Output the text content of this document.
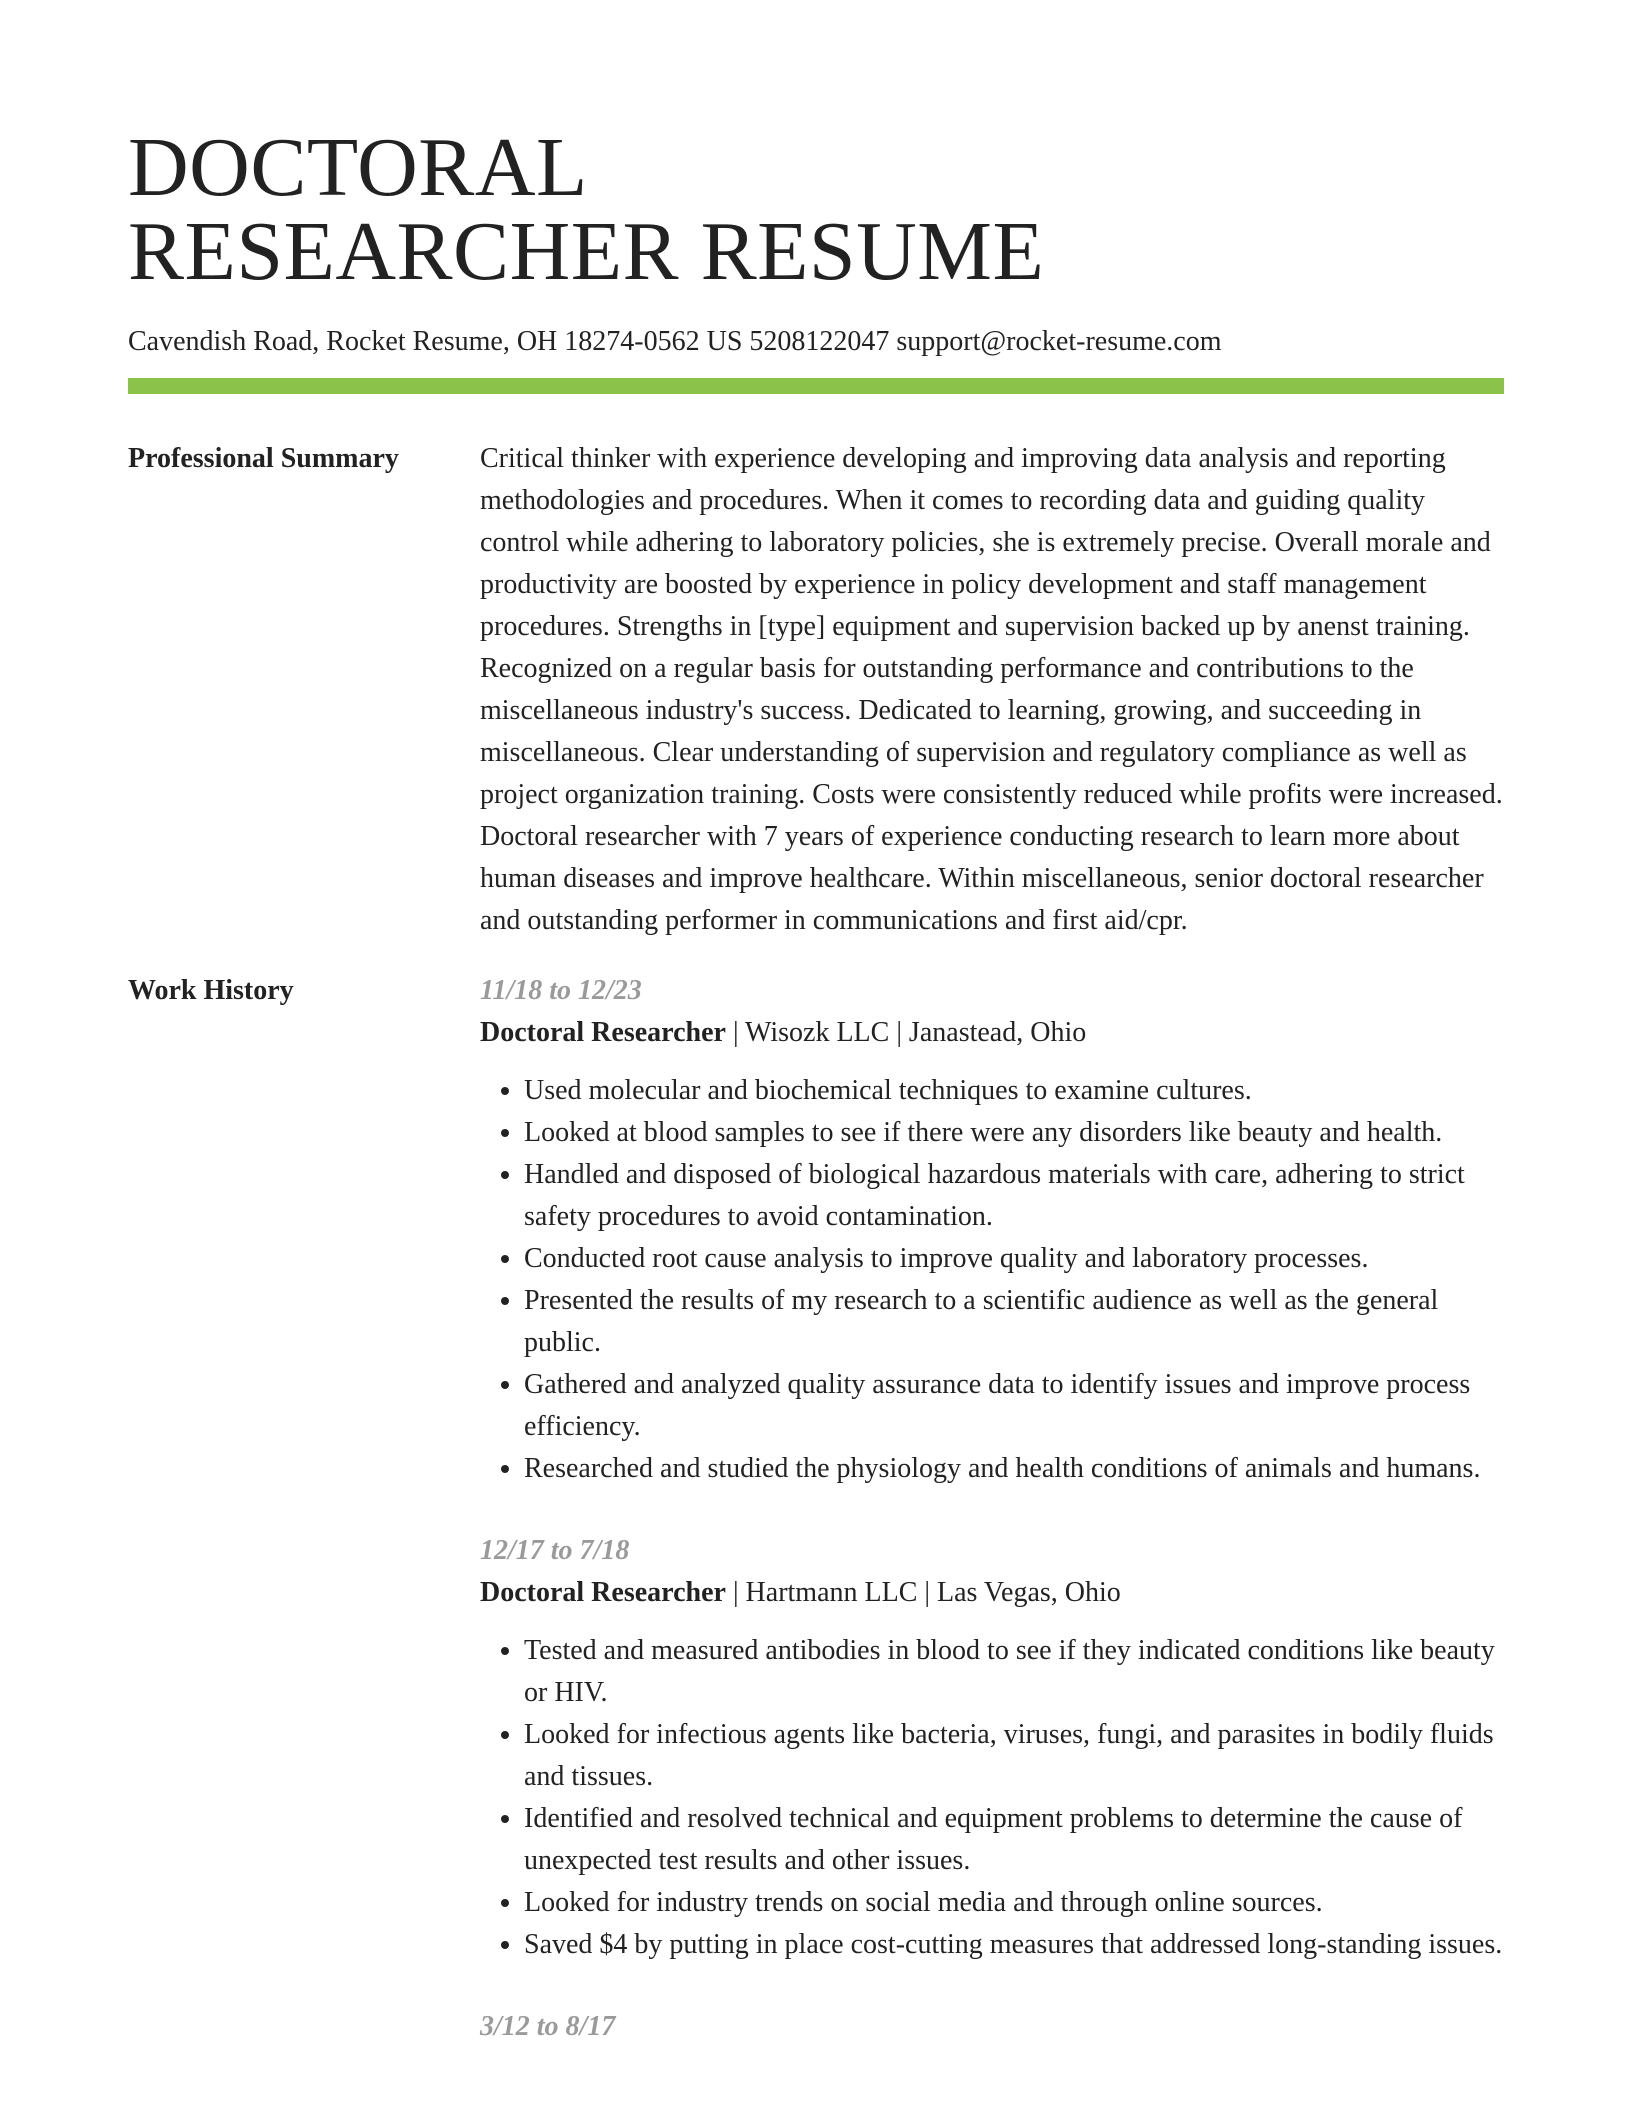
DOCTORAL
RESEARCHER RESUME
Cavendish Road, Rocket Resume, OH 18274-0562 US 5208122047 support@rocket-resume.com
Professional Summary	Critical thinker with experience developing and improving data analysis and reporting methodologies and procedures. When it comes to recording data and guiding quality control while adhering to laboratory policies, she is extremely precise. Overall morale and productivity are boosted by experience in policy development and staff management procedures. Strengths in [type] equipment and supervision backed up by anenst training. Recognized on a regular basis for outstanding performance and contributions to the miscellaneous industry's success. Dedicated to learning, growing, and succeeding in miscellaneous. Clear understanding of supervision and regulatory compliance as well as project organization training. Costs were consistently reduced while profits were increased. Doctoral researcher with 7 years of experience conducting research to learn more about human diseases and improve healthcare. Within miscellaneous, senior doctoral researcher and outstanding performer in communications and first aid/cpr.

Work History	11/18 to 12/23
Doctoral Researcher | Wisozk LLC | Janastead, Ohio
• Used molecular and biochemical techniques to examine cultures.
• Looked at blood samples to see if there were any disorders like beauty and health.
• Handled and disposed of biological hazardous materials with care, adhering to strict safety procedures to avoid contamination.
• Conducted root cause analysis to improve quality and laboratory processes.
• Presented the results of my research to a scientific audience as well as the general public.
• Gathered and analyzed quality assurance data to identify issues and improve process efficiency.
• Researched and studied the physiology and health conditions of animals and humans.
12/17 to 7/18
Doctoral Researcher | Hartmann LLC | Las Vegas, Ohio
• Tested and measured antibodies in blood to see if they indicated conditions like beauty or HIV.
• Looked for infectious agents like bacteria, viruses, fungi, and parasites in bodily fluids and tissues.
• Identified and resolved technical and equipment problems to determine the cause of unexpected test results and other issues.
• Looked for industry trends on social media and through online sources.
• Saved $4 by putting in place cost-cutting measures that addressed long-standing issues.
3/12 to 8/17
